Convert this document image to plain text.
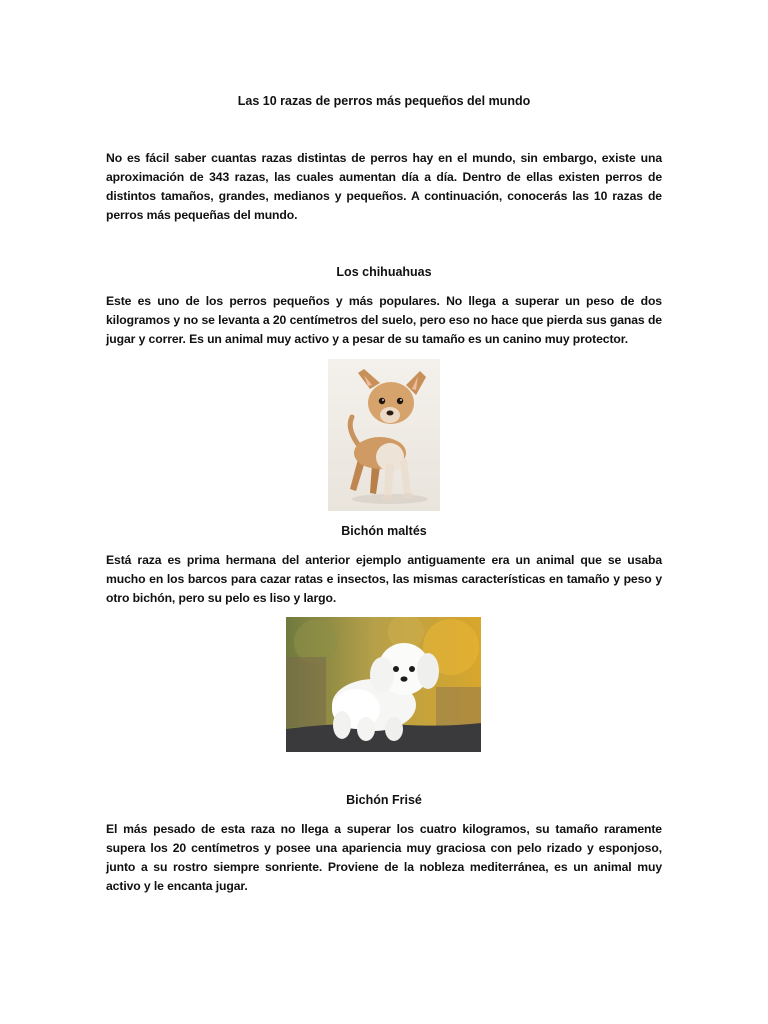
Las 10 razas de perros más pequeños del mundo

No es fácil saber cuantas razas distintas de perros hay en el mundo, sin embargo, existe una aproximación de 343 razas, las cuales aumentan día a día. Dentro de ellas existen perros de distintos tamaños, grandes, medianos y pequeños. A continuación, conocerás las 10 razas de perros más pequeñas del mundo.

Los chihuahuas

Este es uno de los perros pequeños y más populares. No llega a superar un peso de dos kilogramos y no se levanta a 20 centímetros del suelo, pero eso no hace que pierda sus ganas de jugar y correr. Es un animal muy activo y a pesar de su tamaño es un canino muy protector.

Bichón maltés

Está raza es prima hermana del anterior ejemplo antiguamente era un animal que se usaba mucho en los barcos para cazar ratas e insectos, las mismas características en tamaño y peso y otro bichón, pero su pelo es liso y largo.

Bichón Frisé

El más pesado de esta raza no llega a superar los cuatro kilogramos, su tamaño raramente supera los 20 centímetros y posee una apariencia muy graciosa con pelo rizado y esponjoso, junto a su rostro siempre sonriente. Proviene de la nobleza mediterránea, es un animal muy activo y le encanta jugar.
